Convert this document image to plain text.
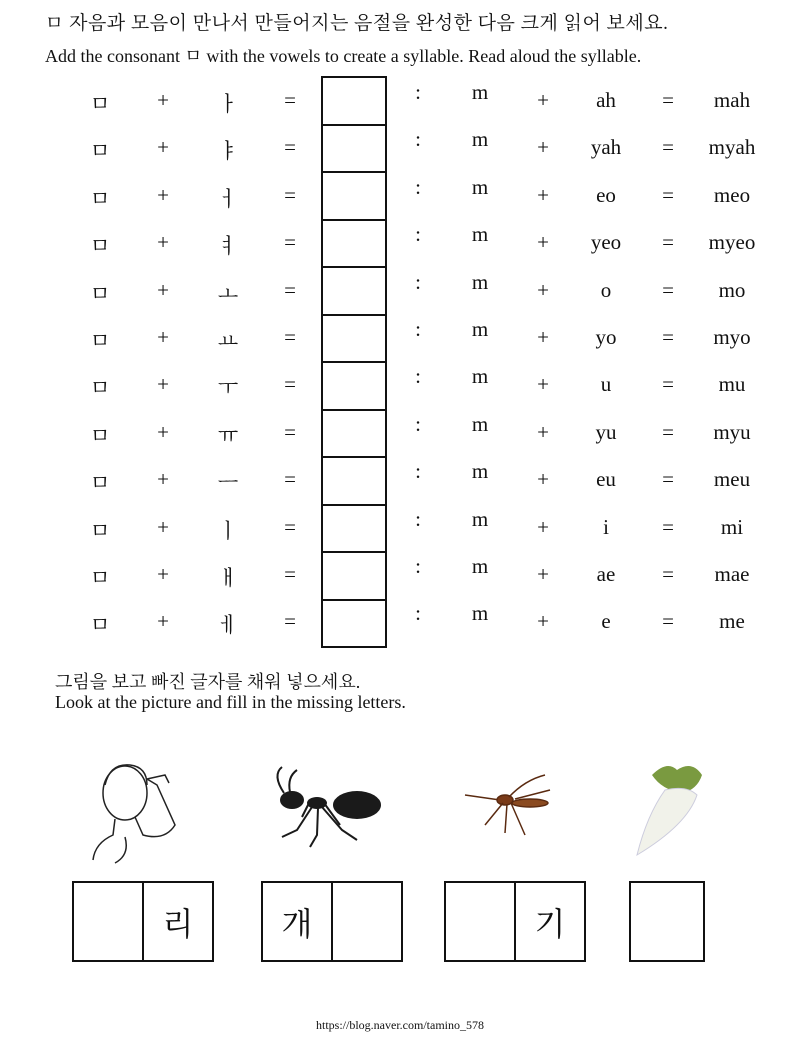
ㅁ 자음과 모음이 만나서 만들어지는 음절을 완성한 다음 크게 읽어 보세요.
Add the consonant ㅁ with the vowels to create a syllable. Read aloud the syllable.
ㅁ + ㅏ =	: m + ah = mah
ㅁ + ㅑ =	: m + yah = myah
ㅁ + ㅓ =	: m + eo = meo
ㅁ + ㅕ =	: m + yeo = myeo
ㅁ + ㅗ =	: m + o = mo
ㅁ + ㅛ =	: m + yo = myo
ㅁ + ㅜ =	: m + u = mu
ㅁ + ㅠ =	: m + yu = myu
ㅁ + ㅡ =	: m + eu = meu
ㅁ + ㅣ =	: m +	i	= mi
ㅁ + ㅐ =	: m + ae = mae
ㅁ + ㅔ =	: m + e = me
그림을 보고 빠진 글자를 채워 넣으세요.
Look at the picture and fill in the missing letters.
리	개	기
https://blog.naver.com/tamino_578
